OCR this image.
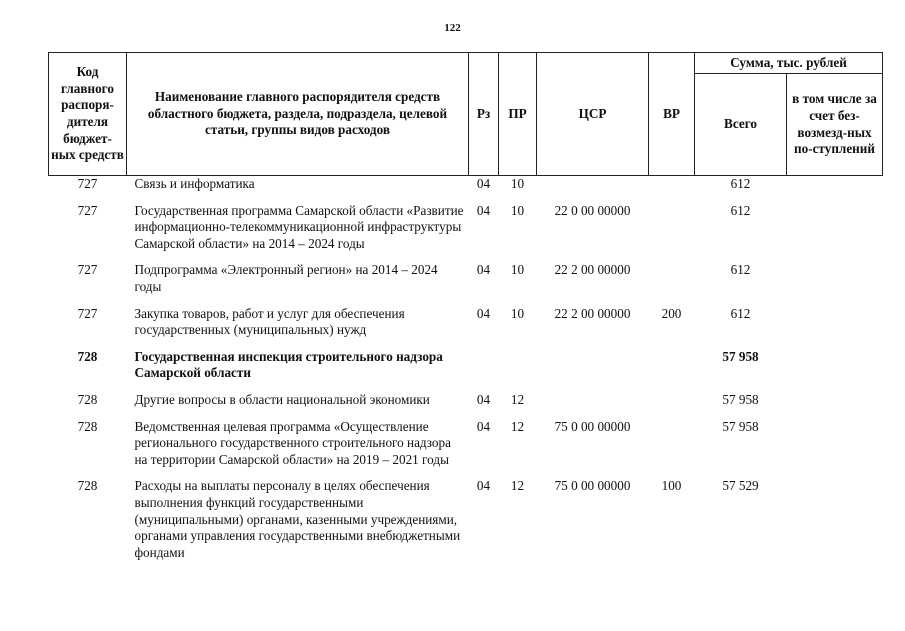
122
Код главного распоря-дителя бюджет-ных средств	Наименование главного распорядителя средств областного бюджета, раздела, подраздела, целевой статьи, группы видов расходов	Рз	ПР	ЦСР	ВР	Сумма, тыс. рублей	
						Всего	в том числе за счет без-возмезд-ных по-ступлений
727	Связь и информатика	04	10			612	
727	Государственная программа Самарской области «Развитие информационно-телекоммуникационной инфраструктуры Самарской области» на 2014 – 2024 годы	04	10	22 0 00 00000		612	
727	Подпрограмма «Электронный регион» на 2014 – 2024 годы	04	10	22 2 00 00000		612	
727	Закупка товаров, работ и услуг для обеспечения государственных (муниципальных) нужд	04	10	22 2 00 00000	200	612	
728	Государственная инспекция строительного надзора Самарской области					57 958	
728	Другие вопросы в области национальной экономики	04	12			57 958	
728	Ведомственная целевая программа «Осуществление регионального государственного строительного надзора на территории Самарской области» на 2019 – 2021 годы	04	12	75 0 00 00000		57 958	
728	Расходы на выплаты персоналу в целях обеспечения выполнения функций государственными (муниципальными) органами, казенными учреждениями, органами управления государственными внебюджетными фондами	04	12	75 0 00 00000	100	57 529	
